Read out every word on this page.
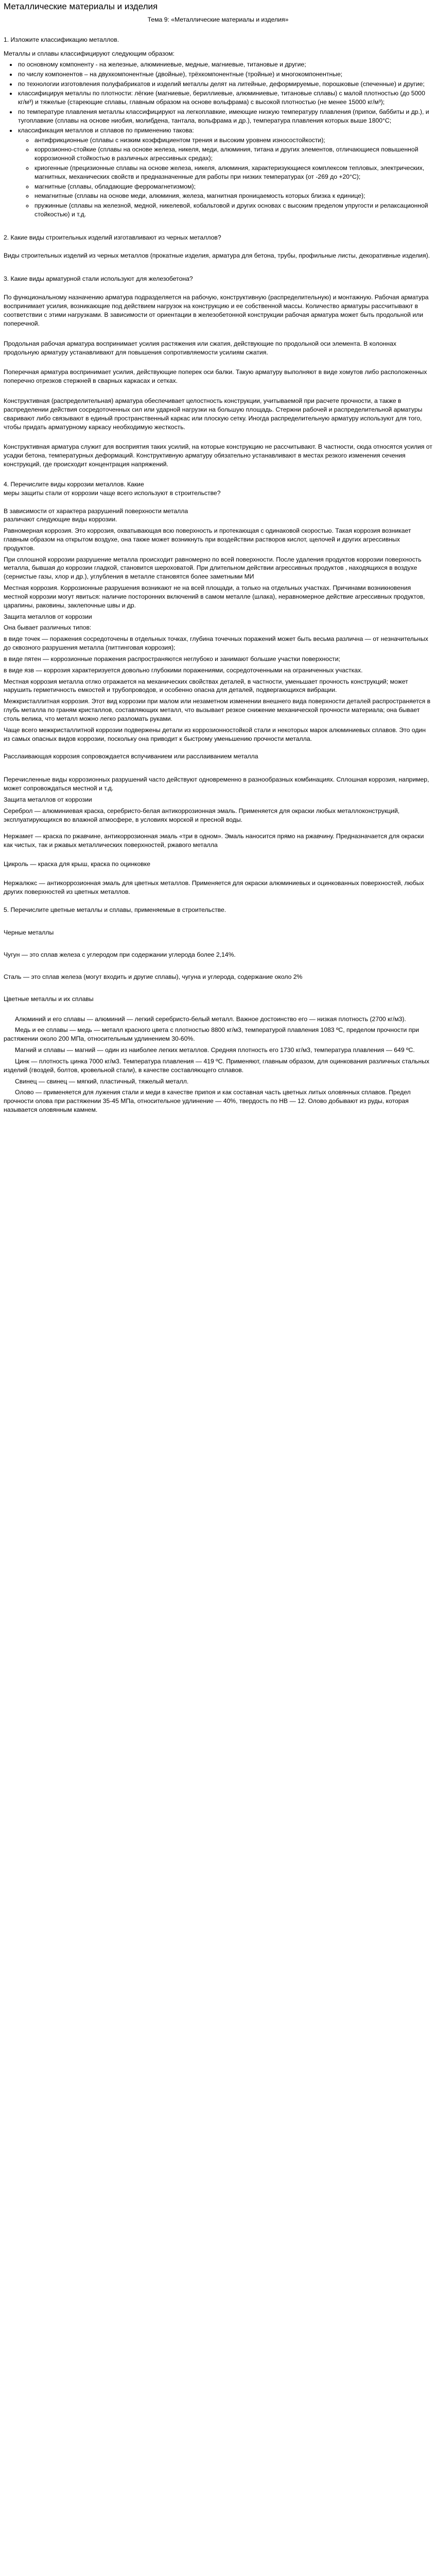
Металлические материалы и изделия
Тема 9: «Металлические материалы и изделия»

1. Изложите классификацию металлов.

Металлы и сплавы классифицируют следующим образом:

• по основному компоненту - на железные, алюминиевые, медные, магниевые, титановые и другие;
• по числу компонентов – на двухкомпонентные (двойные), трёхкомпонентные (тройные) и многокомпонентные;
• по технологии изготовления полуфабрикатов и изделий металлы делят на литейные, деформируемые, порошковые (спеченные) и другие;
• классифицируя металлы по плотности: лёгкие (магниевые, бериллиевые, алюминиевые, титановые сплавы) с малой плотностью (до 5000 кг/м³) и тяжелые (стареющие сплавы, главным образом на основе вольфрама) с высокой плотностью (не менее 15000 кг/м³);
• по температуре плавления металлы классифицируют на легкоплавкие, имеющие низкую температуру плавления (припои, баббиты и др.), и тугоплавкие (сплавы на основе ниобия, молибдена, тантала, вольфрама и др.), температура плавления которых выше 1800°C;
• классификация металлов и сплавов по применению такова:
◦ антифрикционные (сплавы с низким коэффициентом трения и высоким уровнем износостойкости);
◦ коррозионно-стойкие (сплавы на основе железа, никеля, меди, алюминия, титана и других элементов, отличающиеся повышенной коррозионной стойкостью в различных агрессивных средах);
◦ криогенные (прецизионные сплавы на основе железа, никеля, алюминия, характеризующиеся комплексом тепловых, электрических, магнитных, механических свойств и предназначенные для работы при низких температурах (от -269 до +20°С);
◦ магнитные (сплавы, обладающие ферромагнетизмом);
◦ немагнитные (сплавы на основе меди, алюминия, железа, магнитная проницаемость которых близка к единице);
◦ пружинные (сплавы на железной, медной, никелевой, кобальтовой и других основах с высоким пределом упругости и релаксационной стойкостью) и т.д.

2. Какие виды строительных изделий изготавливают из черных металлов?

Виды строительных изделий из черных металлов (прокатные изделия, арматура для бетона, трубы, профильные листы, декоративные изделия).

3. Какие виды арматурной стали используют для железобетона?

По функциональному назначению арматура подразделяется на рабочую, конструктивную (распределительную) и монтажную. Рабочая арматура воспринимает усилия, возникающие под действием нагрузок на конструкцию и ее собственной массы. Количество арматуры рассчитывают в соответствии с этими нагрузками. В зависимости от ориентации в железобетонной конструкции рабочая арматура может быть продольной или поперечной.

Продольная рабочая арматура воспринимает усилия растяжения или сжатия, действующие по продольной оси элемента. В колоннах продольную арматуру устанавливают для повышения сопротивляемости усилиям сжатия.

Поперечная арматура воспринимает усилия, действующие поперек оси балки. Такую арматуру выполняют в виде хомутов либо расположенных поперечно отрезков стержней в сварных каркасах и сетках.

Конструктивная (распределительная) арматура обеспечивает целостность конструкции, учитываемой при расчете прочности, а также в распределении действия сосредоточенных сил или ударной нагрузки на большую площадь. Стержни рабочей и распределительной арматуры сваривают либо связывают в единый пространственный каркас или плоскую сетку. Иногда распределительную арматуру используют для того, чтобы придать арматурному каркасу необходимую жесткость.

Конструктивная арматура служит для восприятия таких усилий, на которые конструкцию не рассчитывают. В частности, сюда относятся усилия от усадки бетона, температурных деформаций. Конструктивную арматуру обязательно устанавливают в местах резкого изменения сечения конструкций, где происходит концентрация напряжений.

4. Перечислите виды коррозии металлов. Какие
меры защиты стали от коррозии чаще всего используют в строительстве?

В зависимости от характера разрушений поверхности металла
различают следующие виды коррозии.

Равномерная коррозия. Это коррозия, охватывающая всю поверхность и протекающая с одинаковой скоростью. Такая коррозия возникает главным образом на открытом воздухе, она также может возникнуть при воздействии растворов кислот, щелочей и других агрессивных продуктов.

При сплошной коррозии разрушение металла происходит равномерно по всей поверхности. После удаления продуктов коррозии поверхность металла, бывшая до коррозии гладкой, становится шероховатой. При длительном действии агрессивных продуктов , находящихся в воздухе (сернистые газы, хлор и др.), углубления в металле становятся более заметными МИ

Местная коррозия. Коррозионные разрушения возникают не на всей площади, а только на отдельных участках. Причинами возникновения местной коррозии могут явиться: наличие посторонних включений в самом металле (шлака), неравномерное действие агрессивных продуктов, царапины, раковины, заклепочные швы и др.

Защита металлов от коррозии

Она бывает различных типов:

в виде точек — поражения сосредоточены в отдельных точках, глубина точечных поражений может быть весьма различна — от незначительных до сквозного разрушения металла (питтинговая коррозия);

в виде пятен — коррозионные поражения распространяются неглубоко и занимают большие участки поверхности;

в виде язв — коррозия характеризуется довольно глубокими поражениями, сосредоточенными на ограниченных участках.

Местная коррозия металла отлко отражается на механических свойствах деталей, в частности, уменьшает прочность конструкций; может нарушить герметичность емкостей и трубопроводов, и особенно опасна для деталей, подвергающихся вибрации.

Межкристаллитная коррозия. Этот вид коррозии при малом или незаметном изменении внешнего вида поверхности деталей распространяется в глубь металла по граням кристаллов, составляющих металл, что вызывает резкое снижение механической прочности материала; она бывает столь велика, что металл можно легко разломать руками.

Чаще всего межкристаллитной коррозии подвержены детали из коррозионностойкой стали и некоторых марок алюминиевых сплавов. Это один из самых опасных видов коррозии, поскольку она приводит к быстрому уменьшению прочности металла.

Расслаивающая коррозия сопровождается вспучиванием или расслаиванием металла

Перечисленные виды коррозионных разрушений часто действуют одновременно в разнообразных комбинациях. Сплошная коррозия, например,
может сопровождаться местной и т.д.

Защита металлов от коррозии

Сереброл — алюминиевая краска, серебристо-белая антикоррозионная эмаль. Применяется для окраски любых металлоконструкций, эксплуатирующихся во влажной атмосфере, в условиях морской и пресной воды.

Нержамет — краска по ржавчине, антикоррозионная эмаль «три в одном». Эмаль наносится прямо на ржавчину. Предназначается для окраски как чистых, так и ржавых металлических поверхностей, ржавого металла

Цикроль — краска для крыш, краска по оцинковке

Нержалюкс — антикоррозионная эмаль для цветных металлов. Применяется для окраски алюминиевых и оцинкованных поверхностей, любых других поверхностей из цветных металлов.

5. Перечислите цветные металлы и сплавы, применяемые в строительстве.

Черные металлы

Чугун — это сплав железа с углеродом при содержании углерода более 2,14%.

Сталь — это сплав железа (могут входить и другие сплавы), чугуна и углерода, содержание около 2%

Цветные металлы и их сплавы

Алюминий и его сплавы — алюминий — легкий серебристо-белый металл. Важное достоинство его — низкая плотность (2700 кг/м3).

Медь и ее сплавы — медь — металл красного цвета с плотностью 8800 кг/м3, температурой плавления 1083 ºС, пределом прочности при растяжении около 200 МПа, относительным удлинением 30-60%.

Магний и сплавы — магний — один из наиболее легких металлов. Средняя плотность его 1730 кг/м3, температура плавления — 649 ºС.

Цинк — плотность цинка 7000 кг/м3. Температура плавления — 419 ºС. Применяют, главным образом, для оцинкования различных стальных изделий (гвоздей, болтов, кровельной стали), в качестве составляющего сплавов.

Свинец — свинец — мягкий, пластичный, тяжелый металл.

Олово — применяется для лужения стали и меди в качестве припоя и как составная часть цветных литых оловянных сплавов. Предел прочности олова при растяжении 35-45 МПа, относительное удлинение — 40%, твердость по НВ — 12. Олово добывают из руды, которая называется оловянным камнем.
